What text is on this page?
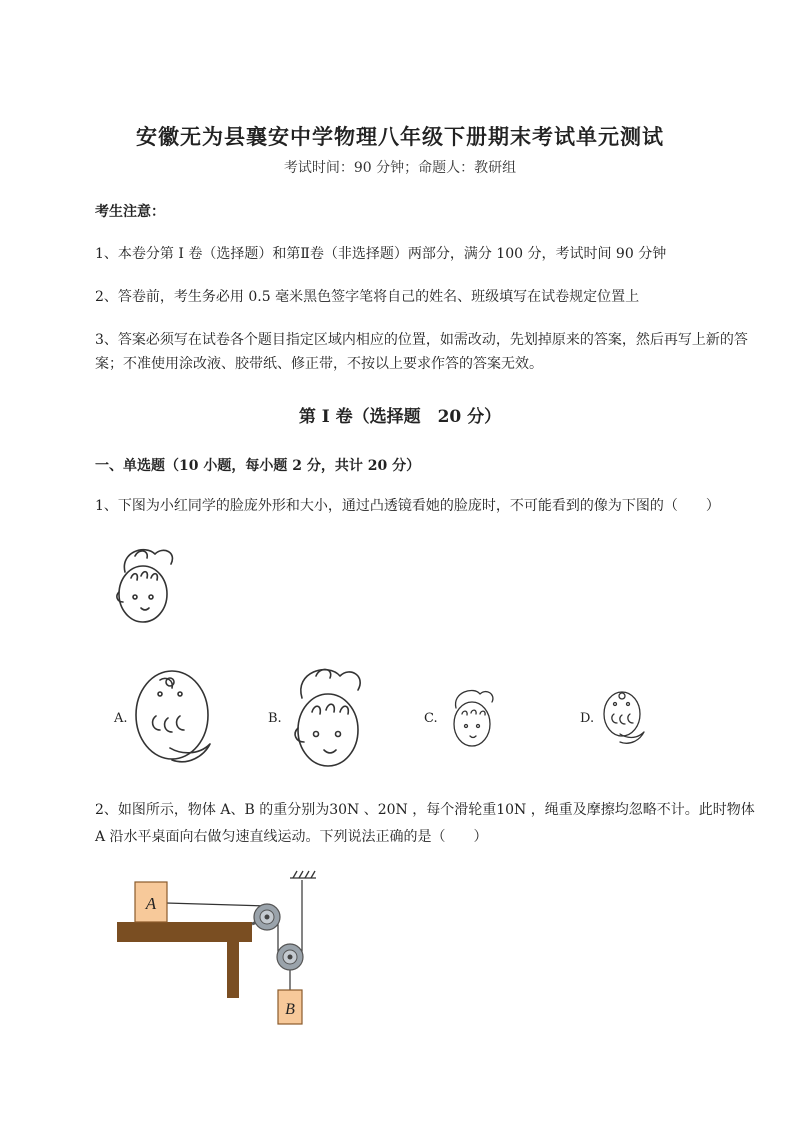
安徽无为县襄安中学物理八年级下册期末考试单元测试
考试时间：90 分钟；命题人：教研组
考生注意：
1、本卷分第 I 卷（选择题）和第Ⅱ卷（非选择题）两部分，满分 100 分，考试时间 90 分钟
2、答卷前，考生务必用 0.5 毫米黑色签字笔将自己的姓名、班级填写在试卷规定位置上
3、答案必须写在试卷各个题目指定区域内相应的位置，如需改动，先划掉原来的答案，然后再写上新的答案；不准使用涂改液、胶带纸、修正带，不按以上要求作答的答案无效。
第 I 卷（选择题　20 分）
一、单选题（10 小题，每小题 2 分，共计 20 分）
1、下图为小红同学的脸庞外形和大小，通过凸透镜看她的脸庞时，不可能看到的像为下图的（　　）
A.	B.	C.	D.
2、如图所示，物体 A、B 的重分别为30N 、20N ，每个滑轮重10N ，绳重及摩擦均忽略不计。此时物体 A 沿水平桌面向右做匀速直线运动。下列说法正确的是（　　）
A
B
